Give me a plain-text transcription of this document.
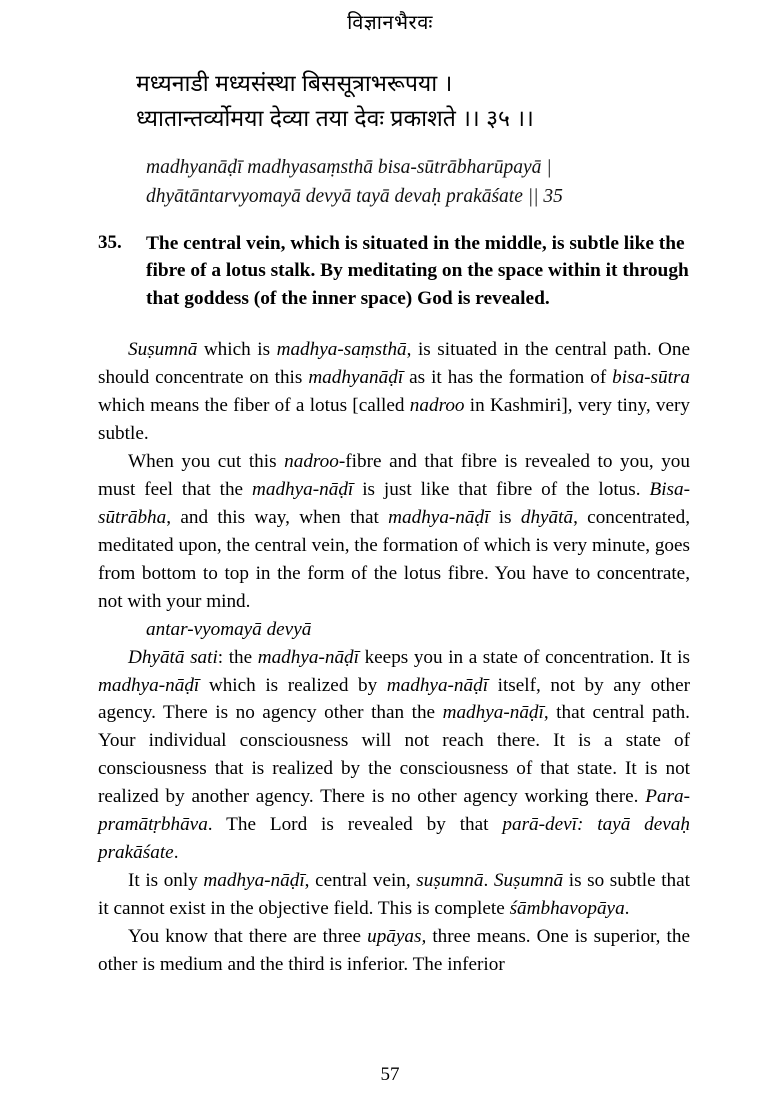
विज्ञानभैरवः
मध्यनाडी मध्यसंस्था बिससूत्राभरूपया ।
ध्यातान्तर्व्योमया देव्या तया देवः प्रकाशते ।। ३५ ।।
madhyanāḍī madhyasaṃsthā bisa-sūtrābharūpayā |
dhyātāntarvyomayā devyā tayā devaḥ prakāśate || 35
35.	The central vein, which is situated in the middle, is subtle like the fibre of a lotus stalk. By meditating on the space within it through that goddess (of the inner space) God is revealed.

Suṣumnā which is madhya-saṃsthā, is situated in the central path. One should concentrate on this madhyanāḍī as it has the formation of bisa-sūtra which means the fiber of a lotus [called nadroo in Kashmiri], very tiny, very subtle.

When you cut this nadroo-fibre and that fibre is revealed to you, you must feel that the madhya-nāḍī is just like that fibre of the lotus. Bisa-sūtrābha, and this way, when that madhya-nāḍī is dhyātā, concentrated, meditated upon, the central vein, the formation of which is very minute, goes from bottom to top in the form of the lotus fibre. You have to concentrate, not with your mind.

antar-vyomayā devyā

Dhyātā sati: the madhya-nāḍī keeps you in a state of concentration. It is madhya-nāḍī which is realized by madhya-nāḍī itself, not by any other agency. There is no agency other than the madhya-nāḍī, that central path. Your individual consciousness will not reach there. It is a state of consciousness that is realized by the consciousness of that state. It is not realized by another agency. There is no other agency working there. Para-pramātṛbhāva. The Lord is revealed by that parā-devī: tayā devaḥ prakāśate.

It is only madhya-nāḍī, central vein, suṣumnā. Suṣumnā is so subtle that it cannot exist in the objective field. This is complete śāmbhavopāya.

You know that there are three upāyas, three means. One is superior, the other is medium and the third is inferior. The inferior

57
